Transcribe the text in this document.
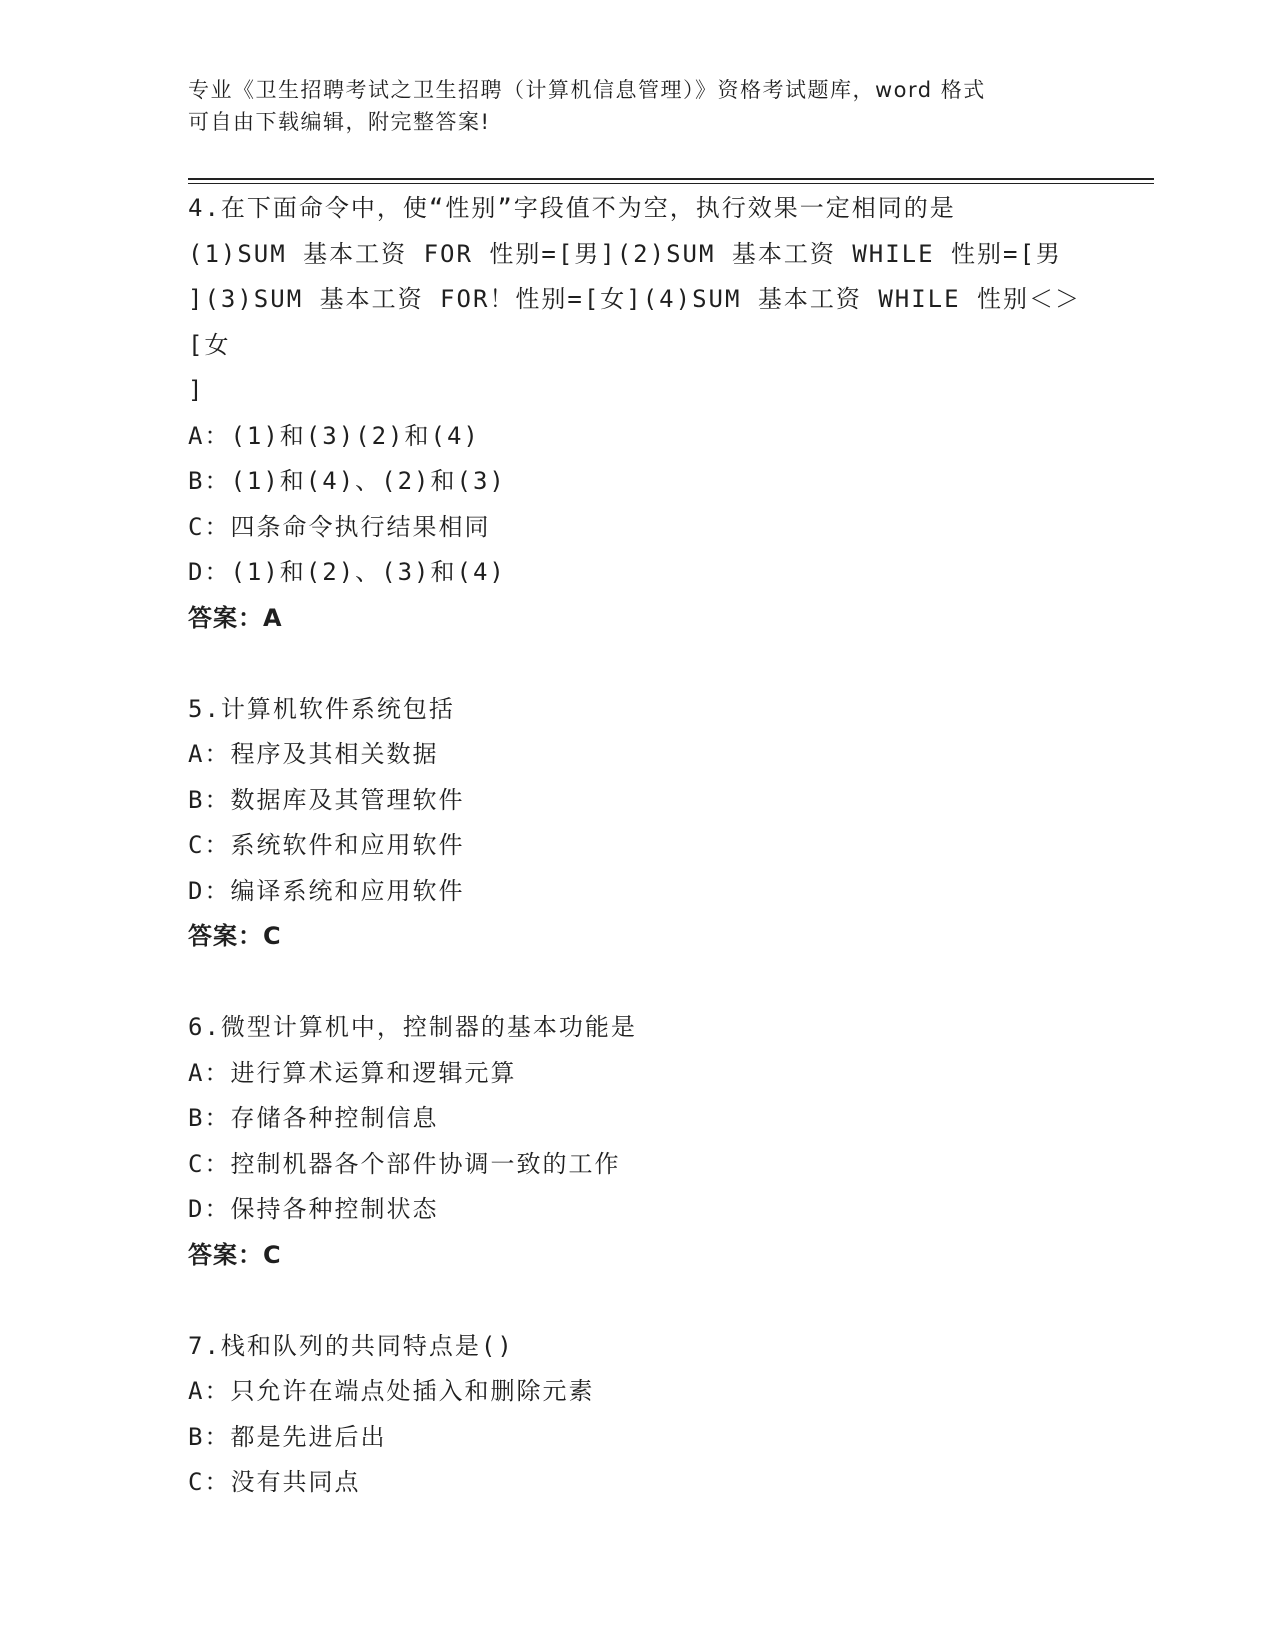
专业《卫生招聘考试之卫生招聘（计算机信息管理）》资格考试题库，word 格式
可自由下载编辑，附完整答案!
4.在下面命令中，使“性别”字段值不为空，执行效果一定相同的是
(1)SUM 基本工资 FOR 性别=[男](2)SUM 基本工资 WHILE 性别=[男
](3)SUM 基本工资 FOR！性别=[女](4)SUM 基本工资 WHILE 性别＜＞[女
]
A：(1)和(3)(2)和(4)
B：(1)和(4)、(2)和(3)
C：四条命令执行结果相同
D：(1)和(2)、(3)和(4)
答案：A
5.计算机软件系统包括
A：程序及其相关数据
B：数据库及其管理软件
C：系统软件和应用软件
D：编译系统和应用软件
答案：C
6.微型计算机中，控制器的基本功能是
A：进行算术运算和逻辑元算
B：存储各种控制信息
C：控制机器各个部件协调一致的工作
D：保持各种控制状态
答案：C
7.栈和队列的共同特点是()
A：只允许在端点处插入和删除元素
B：都是先进后出
C：没有共同点
